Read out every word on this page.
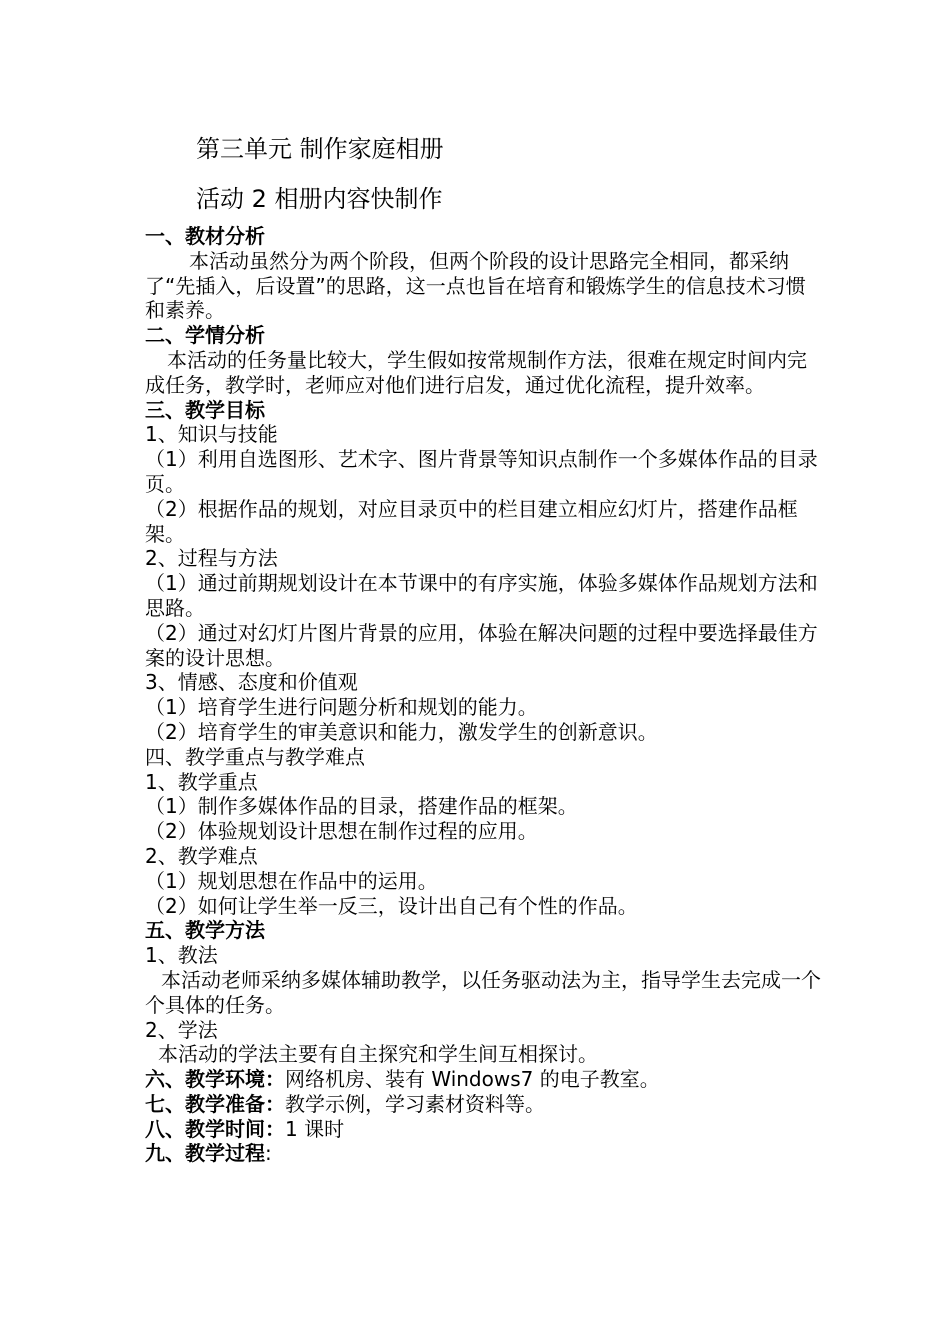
第三单元 制作家庭相册
活动 2 相册内容快制作

一、教材分析

本活动虽然分为两个阶段，但两个阶段的设计思路完全相同，都采纳了“先插入，后设置”的思路，这一点也旨在培育和锻炼学生的信息技术习惯和素养。

二、学情分析

本活动的任务量比较大，学生假如按常规制作方法，很难在规定时间内完成任务，教学时，老师应对他们进行启发，通过优化流程，提升效率。

三、教学目标

1、知识与技能

（1）利用自选图形、艺术字、图片背景等知识点制作一个多媒体作品的目录页。

（2）根据作品的规划，对应目录页中的栏目建立相应幻灯片，搭建作品框架。

2、过程与方法

（1）通过前期规划设计在本节课中的有序实施，体验多媒体作品规划方法和思路。

（2）通过对幻灯片图片背景的应用，体验在解决问题的过程中要选择最佳方案的设计思想。

3、情感、态度和价值观

（1）培育学生进行问题分析和规划的能力。

（2）培育学生的审美意识和能力，激发学生的创新意识。

四、教学重点与教学难点

1、教学重点

（1）制作多媒体作品的目录，搭建作品的框架。

（2）体验规划设计思想在制作过程的应用。

2、教学难点

（1）规划思想在作品中的运用。

（2）如何让学生举一反三，设计出自己有个性的作品。

五、教学方法

1、教法

本活动老师采纳多媒体辅助教学，以任务驱动法为主，指导学生去完成一个个具体的任务。

2、学法

本活动的学法主要有自主探究和学生间互相探讨。

六、教学环境：网络机房、装有 Windows7 的电子教室。

七、教学准备：教学示例，学习素材资料等。

八、教学时间：1 课时

九、教学过程:
